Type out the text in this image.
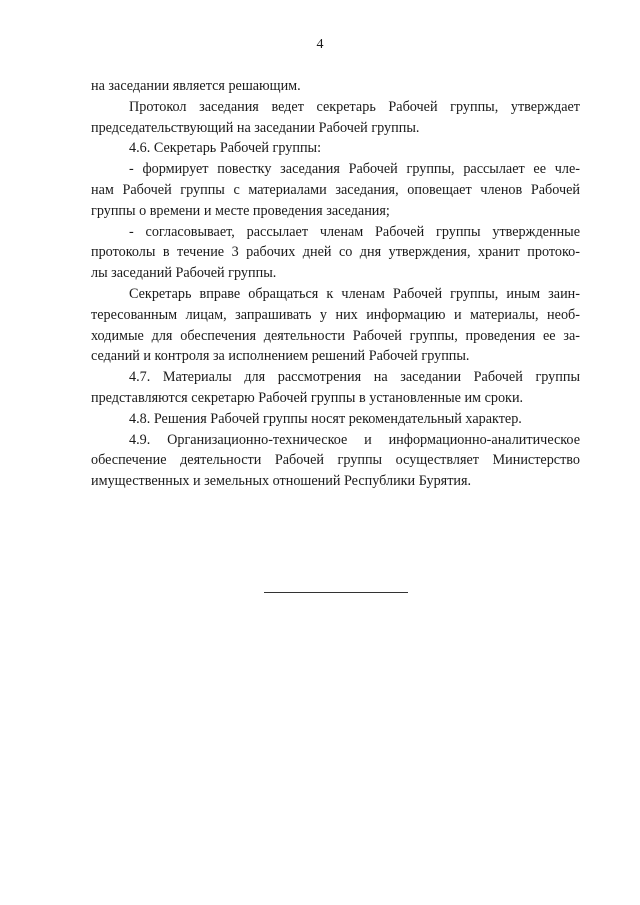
4

на заседании является решающим.

Протокол заседания ведет секретарь Рабочей группы, утверждает
председательствующий на заседании Рабочей группы.

4.6. Секретарь Рабочей группы:

- формирует повестку заседания Рабочей группы, рассылает ее чле-
нам Рабочей группы с материалами заседания, оповещает членов Рабочей
группы о времени и месте проведения заседания;

- согласовывает, рассылает членам Рабочей группы утвержденные
протоколы в течение 3 рабочих дней со дня утверждения, хранит протоко-
лы заседаний Рабочей группы.

Секретарь вправе обращаться к членам Рабочей группы, иным заин-
тересованным лицам, запрашивать у них информацию и материалы, необ-
ходимые для обеспечения деятельности Рабочей группы, проведения ее за-
седаний и контроля за исполнением решений Рабочей группы.

4.7. Материалы для рассмотрения на заседании Рабочей группы
представляются секретарю Рабочей группы в установленные им сроки.

4.8. Решения Рабочей группы носят рекомендательный характер.

4.9. Организационно-техническое и информационно-аналитическое
обеспечение деятельности Рабочей группы осуществляет Министерство
имущественных и земельных отношений Республики Бурятия.
